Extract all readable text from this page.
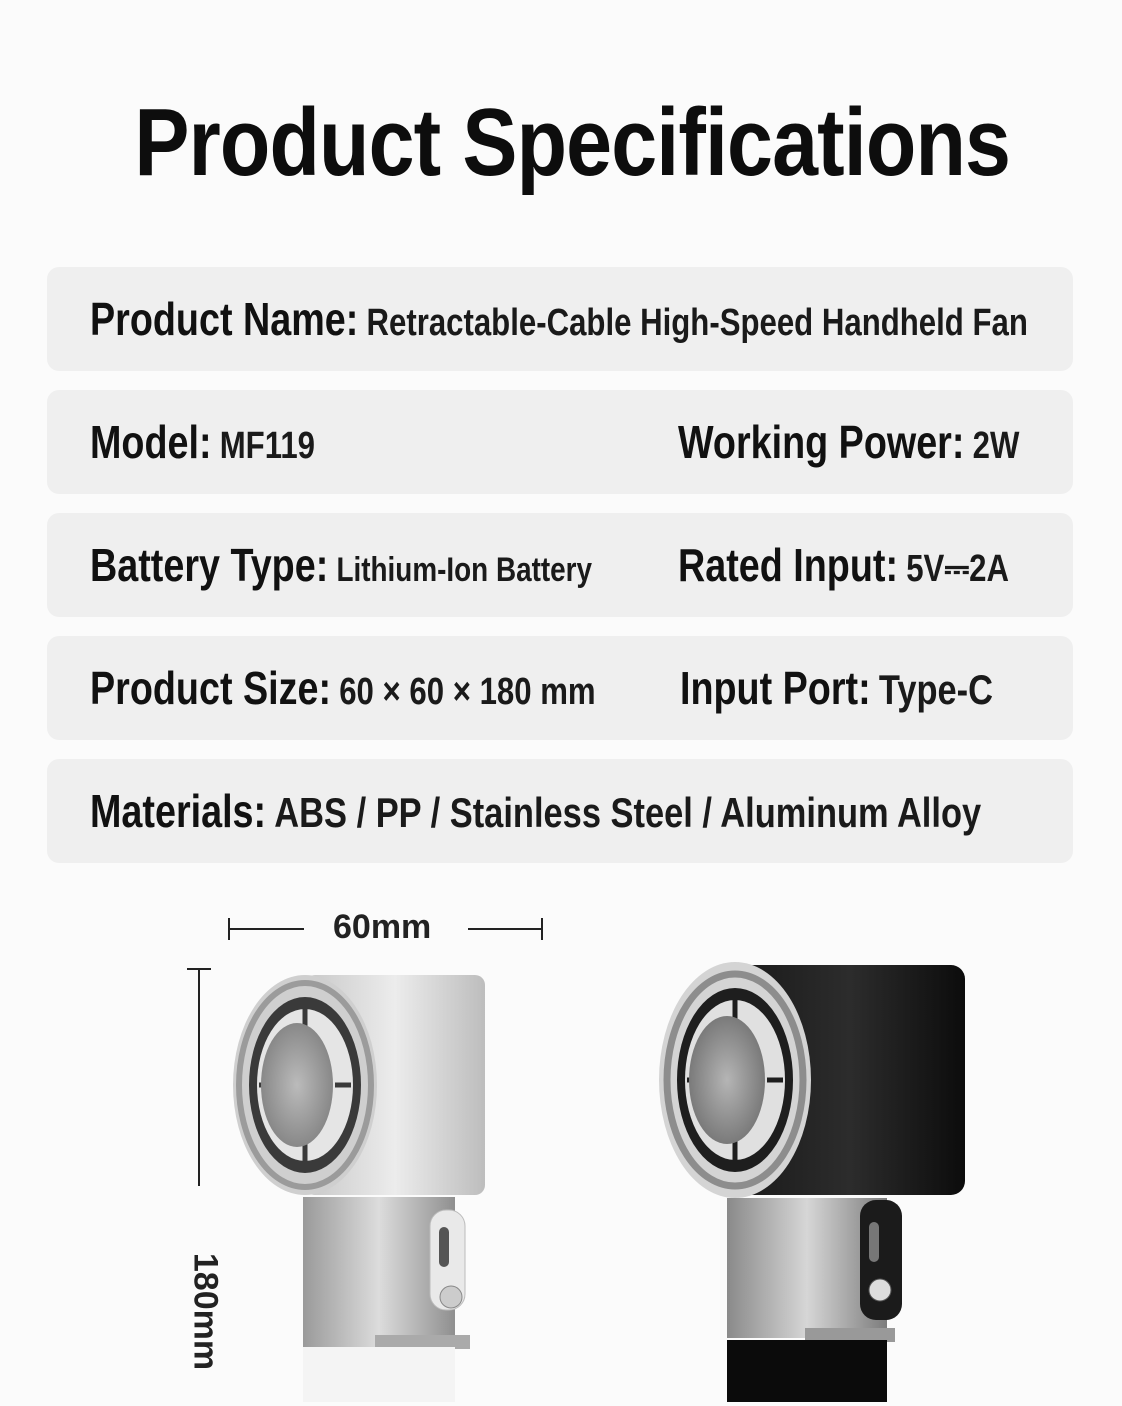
Product Specifications
Product Name: Retractable-Cable High-Speed Handheld Fan
Model: MF119	Working Power: 2W
Battery Type: Lithium-Ion Battery Rated Input: 5V⎓2A
Product Size: 60 × 60 × 180 mm Input Port: Type-C
Materials: ABS / PP / Stainless Steel / Aluminum Alloy
60mm
180mm
